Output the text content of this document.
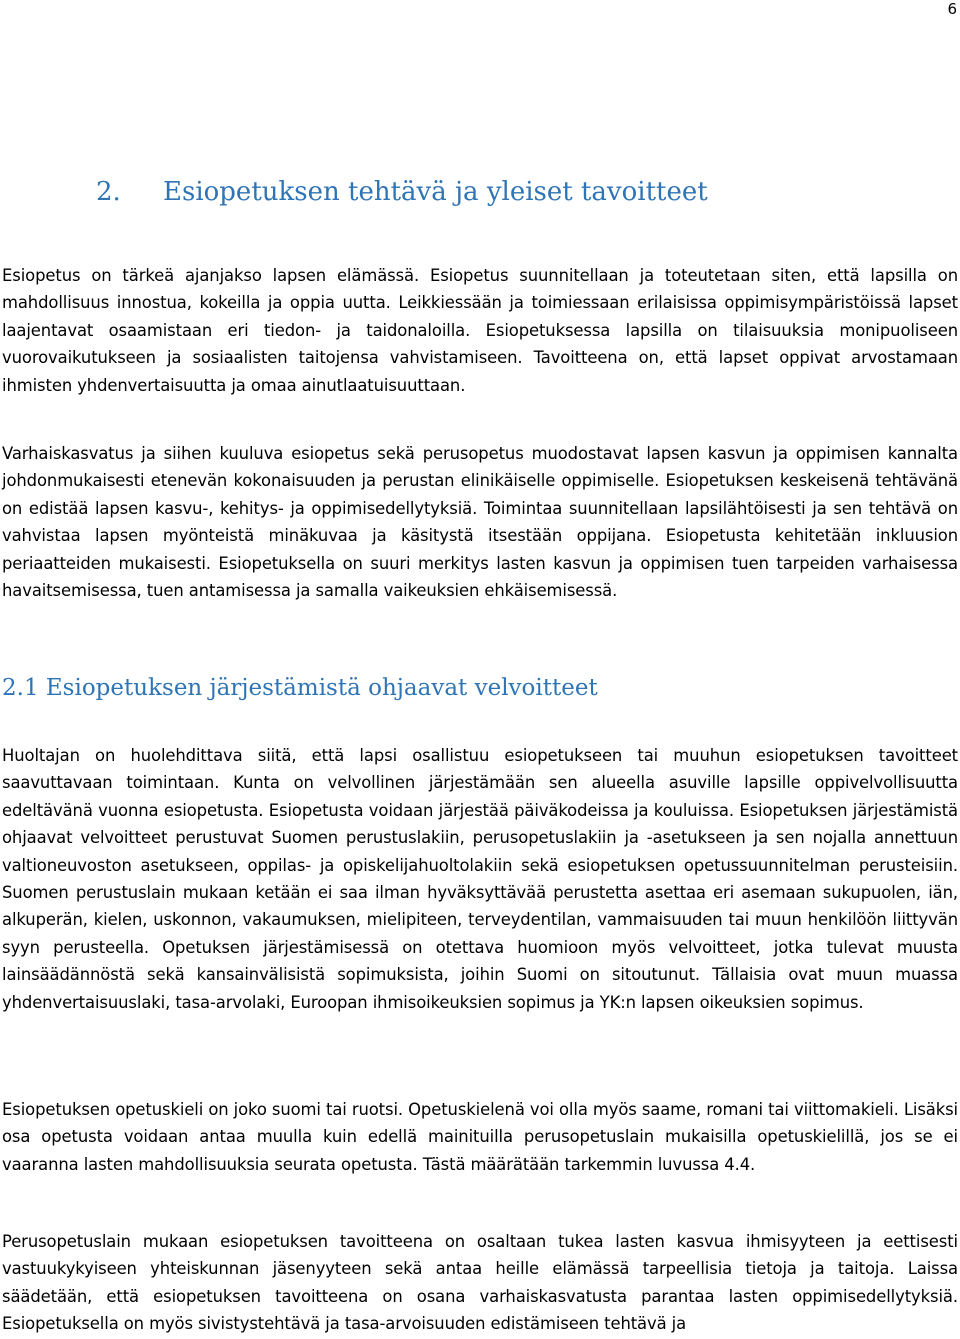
6
2. Esiopetuksen tehtävä ja yleiset tavoitteet

Esiopetus on tärkeä ajanjakso lapsen elämässä. Esiopetus suunnitellaan ja toteutetaan siten, että lapsilla on mahdollisuus innostua, kokeilla ja oppia uutta. Leikkiessään ja toimiessaan erilaisissa oppimisympäristöissä lapset laajentavat osaamistaan eri tiedon- ja taidonaloilla. Esiopetuksessa lapsilla on tilaisuuksia monipuoliseen vuorovaikutukseen ja sosiaalisten taitojensa vahvistamiseen. Tavoitteena on, että lapset oppivat arvostamaan ihmisten yhdenvertaisuutta ja omaa ainutlaatuisuuttaan.

Varhaiskasvatus ja siihen kuuluva esiopetus sekä perusopetus muodostavat lapsen kasvun ja oppimisen kannalta johdonmukaisesti etenevän kokonaisuuden ja perustan elinikäiselle oppimiselle. Esiopetuksen keskeisenä tehtävänä on edistää lapsen kasvu-, kehitys- ja oppimisedellytyksiä. Toimintaa suunnitellaan lapsilähtöisesti ja sen tehtävä on vahvistaa lapsen myönteistä minäkuvaa ja käsitystä itsestään oppijana. Esiopetusta kehitetään inkluusion periaatteiden mukaisesti. Esiopetuksella on suuri merkitys lasten kasvun ja oppimisen tuen tarpeiden varhaisessa havaitsemisessa, tuen antamisessa ja samalla vaikeuksien ehkäisemisessä.

2.1 Esiopetuksen järjestämistä ohjaavat velvoitteet

Huoltajan on huolehdittava siitä, että lapsi osallistuu esiopetukseen tai muuhun esiopetuksen tavoitteet saavuttavaan toimintaan. Kunta on velvollinen järjestämään sen alueella asuville lapsille oppivelvollisuutta edeltävänä vuonna esiopetusta. Esiopetusta voidaan järjestää päiväkodeissa ja kouluissa. Esiopetuksen järjestämistä ohjaavat velvoitteet perustuvat Suomen perustuslakiin, perusopetuslakiin ja -asetukseen ja sen nojalla annettuun valtioneuvoston asetukseen, oppilas- ja opiskelijahuoltolakiin sekä esiopetuksen opetussuunnitelman perusteisiin. Suomen perustuslain mukaan ketään ei saa ilman hyväksyttävää perustetta asettaa eri asemaan sukupuolen, iän, alkuperän, kielen, uskonnon, vakaumuksen, mielipiteen, terveydentilan, vammaisuuden tai muun henkilöön liittyvän syyn perusteella. Opetuksen järjestämisessä on otettava huomioon myös velvoitteet, jotka tulevat muusta lainsäädännöstä sekä kansainvälisistä sopimuksista, joihin Suomi on sitoutunut. Tällaisia ovat muun muassa yhdenvertaisuuslaki, tasa-arvolaki, Euroopan ihmisoikeuksien sopimus ja YK:n lapsen oikeuksien sopimus.

Esiopetuksen opetuskieli on joko suomi tai ruotsi. Opetuskielenä voi olla myös saame, romani tai viittomakieli. Lisäksi osa opetusta voidaan antaa muulla kuin edellä mainituilla perusopetuslain mukaisilla opetuskielillä, jos se ei vaaranna lasten mahdollisuuksia seurata opetusta. Tästä määrätään tarkemmin luvussa 4.4.

Perusopetuslain mukaan esiopetuksen tavoitteena on osaltaan tukea lasten kasvua ihmisyyteen ja eettisesti vastuukykyiseen yhteiskunnan jäsenyyteen sekä antaa heille elämässä tarpeellisia tietoja ja taitoja. Laissa säädetään, että esiopetuksen tavoitteena on osana varhaiskasvatusta parantaa lasten oppimisedellytyksiä. Esiopetuksella on myös sivistystehtävä ja tasa-arvoisuuden edistämiseen tehtävä ja
